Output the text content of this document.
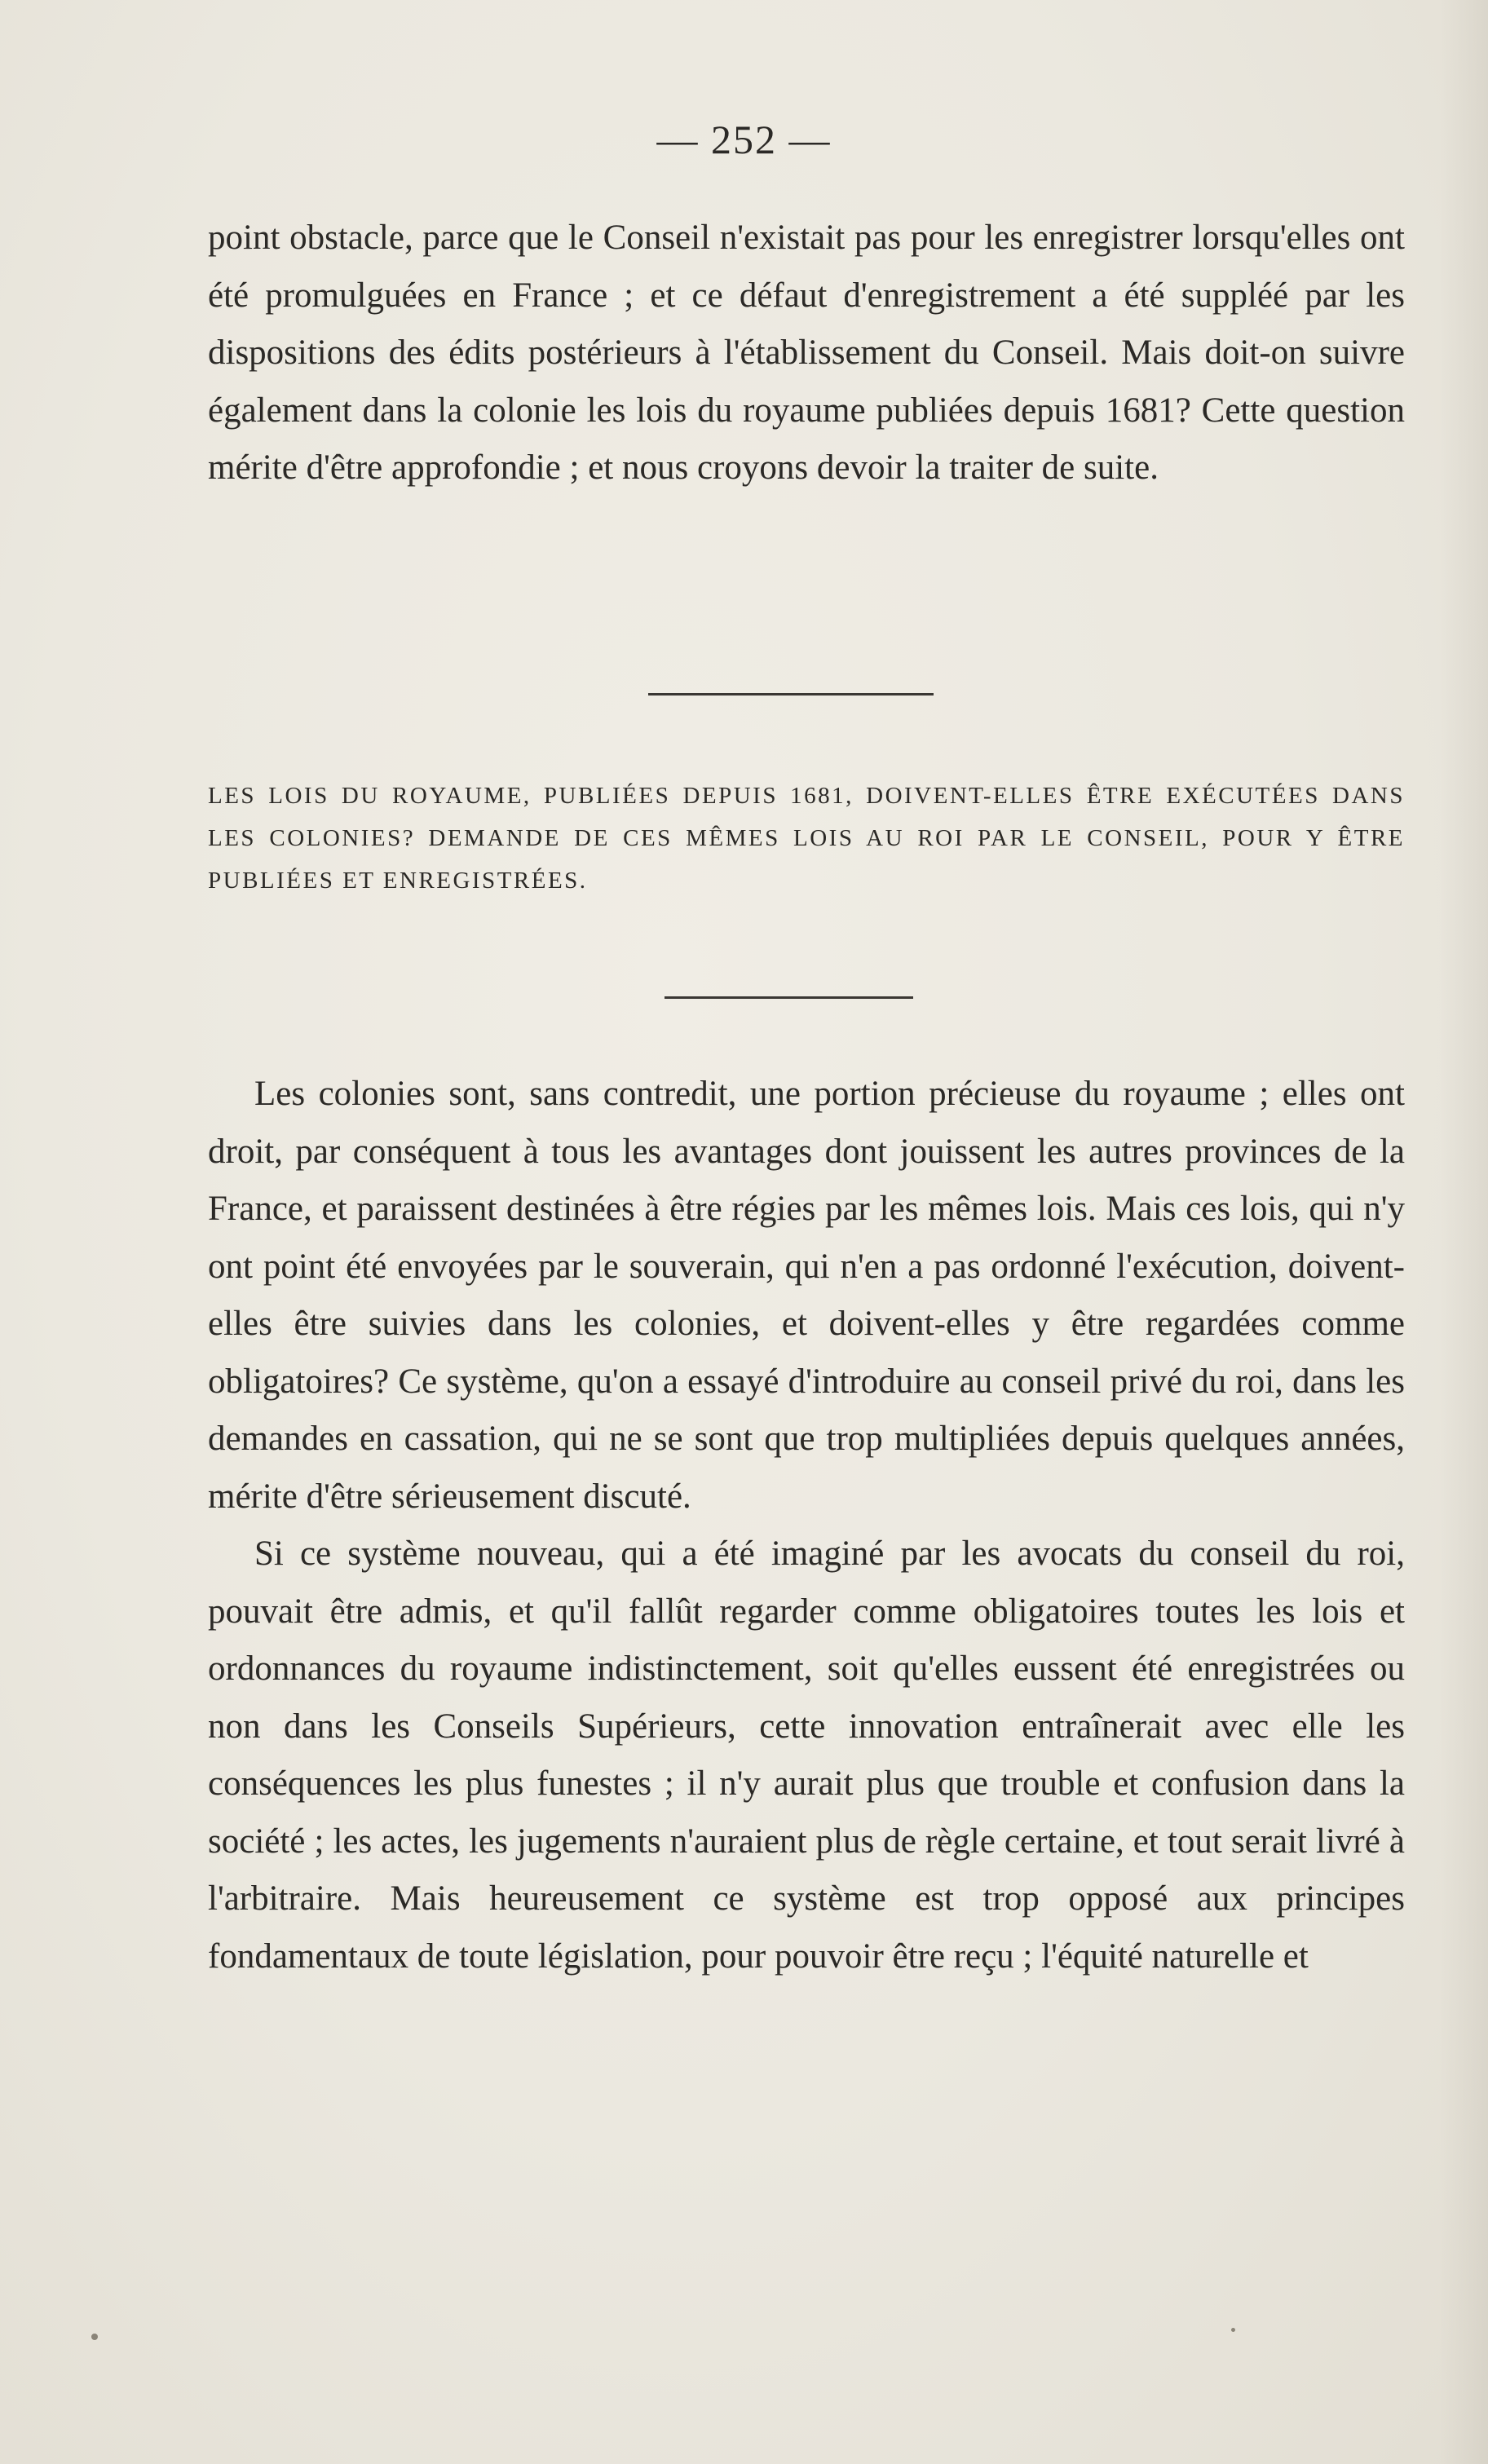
— 252 —

point obstacle, parce que le Conseil n'existait pas pour les enregistrer lorsqu'elles ont été promulguées en France ; et ce défaut d'enregistrement a été suppléé par les dispositions des édits postérieurs à l'établissement du Conseil. Mais doit-on suivre également dans la colonie les lois du royaume publiées depuis 1681? Cette question mérite d'être approfondie ; et nous croyons devoir la traiter de suite.

LES LOIS DU ROYAUME, PUBLIÉES DEPUIS 1681, DOIVENT-ELLES ÊTRE EXÉCUTÉES DANS LES COLONIES? DEMANDE DE CES MÊMES LOIS AU ROI PAR LE CONSEIL, POUR Y ÊTRE PUBLIÉES ET ENREGISTRÉES.

Les colonies sont, sans contredit, une portion précieuse du royaume ; elles ont droit, par conséquent à tous les avantages dont jouissent les autres provinces de la France, et paraissent destinées à être régies par les mêmes lois. Mais ces lois, qui n'y ont point été envoyées par le souverain, qui n'en a pas ordonné l'exécution, doivent-elles être suivies dans les colonies, et doivent-elles y être regardées comme obligatoires? Ce système, qu'on a essayé d'introduire au conseil privé du roi, dans les demandes en cassation, qui ne se sont que trop multipliées depuis quelques années, mérite d'être sérieusement discuté.

Si ce système nouveau, qui a été imaginé par les avocats du conseil du roi, pouvait être admis, et qu'il fallût regarder comme obligatoires toutes les lois et ordonnances du royaume indistinctement, soit qu'elles eussent été enregistrées ou non dans les Conseils Supérieurs, cette innovation entraînerait avec elle les conséquences les plus funestes ; il n'y aurait plus que trouble et confusion dans la société ; les actes, les jugements n'auraient plus de règle certaine, et tout serait livré à l'arbitraire. Mais heureusement ce système est trop opposé aux principes fondamentaux de toute législation, pour pouvoir être reçu ; l'équité naturelle et
